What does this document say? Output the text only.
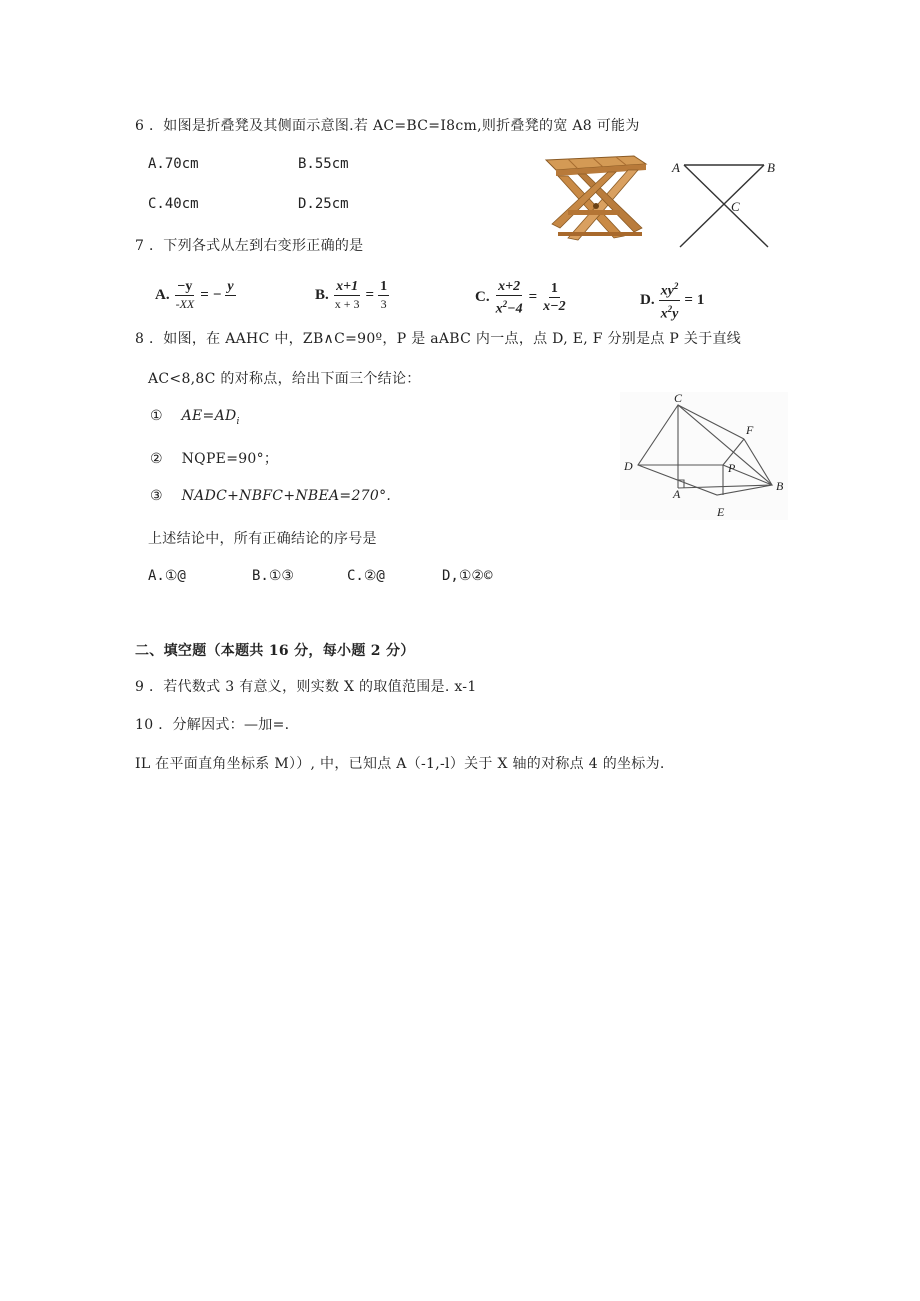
6 ．如图是折叠凳及其侧面示意图.若 AC=BC=I8cm,则折叠凳的宽 A8 可能为
A.70cm	B.55cm
C.40cm	D.25cm
A	B
C
7 ．下列各式从左到右变形正确的是
A. $\frac{-y}{-XX}$ = −
y

B. $\frac{x+1}{x + 3} = \frac{1}{3}$	C. $\frac{x+2}{x^2-4} = \frac{1}{x-2}$	D. $\frac{xy^2}{x^2y} = 1$
8 ．如图，在 AAHC 中，ZB∧C=90º，P 是 aABC 内一点，点 D, E, F 分别是点 P 关于直线
AC<8,8C 的对称点，给出下面三个结论：
① $AE=AD_i$
② NQPE=90°；
③ NADC+NBFC+NBEA=270°.
上述结论中，所有正确结论的序号是
A.①@	B.①③	C.②@	D,①②©
C
F
D	P
A
B
E
二、填空题（本题共 16 分，每小题 2 分）
9 ．若代数式 3 有意义，则实数 X 的取值范围是. x-1
10 ．分解因式：—加=.
IL 在平面直角坐标系 M））, 中，已知点 A（-1,-l）关于 X 轴的对称点 4 的坐标为.
